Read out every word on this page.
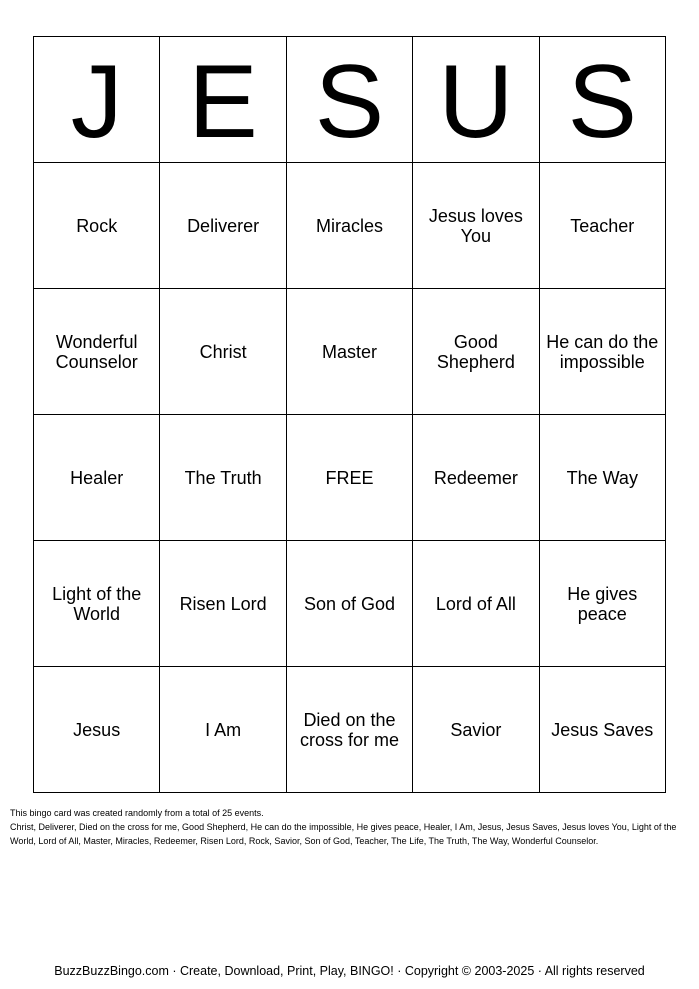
J	E	S	U	S
Rock	Deliverer	Miracles	Jesus loves You	Teacher
Wonderful Counselor	Christ	Master	Good Shepherd	He can do the impossible
Healer	The Truth	FREE	Redeemer	The Way
Light of the World	Risen Lord	Son of God	Lord of All	He gives peace
Jesus	I Am	Died on the cross for me	Savior	Jesus Saves

This bingo card was created randomly from a total of 25 events.

Christ, Deliverer, Died on the cross for me, Good Shepherd, He can do the impossible, He gives peace, Healer, I Am, Jesus, Jesus Saves, Jesus loves You, Light of the World, Lord of All, Master, Miracles, Redeemer, Risen Lord, Rock, Savior, Son of God, Teacher, The Life, The Truth, The Way, Wonderful Counselor.

BuzzBuzzBingo.com · Create, Download, Print, Play, BINGO! · Copyright © 2003-2025 · All rights reserved
